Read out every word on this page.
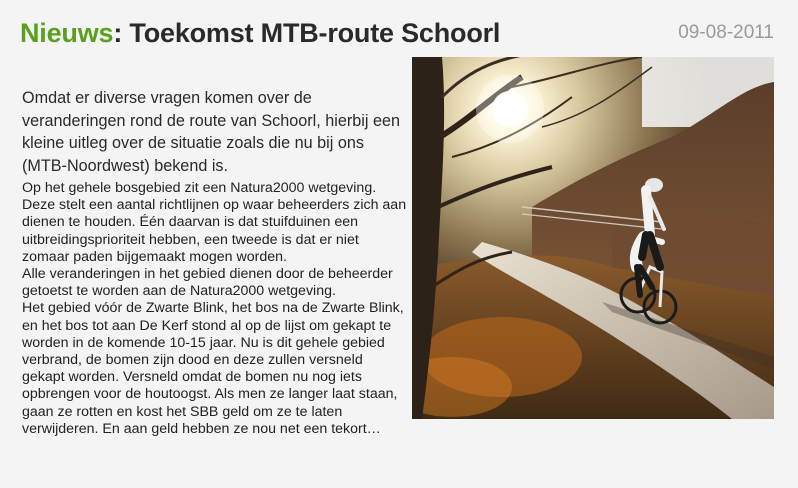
Nieuws: Toekomst MTB-route Schoorl	09-08-2011

Omdat er diverse vragen komen over de veranderingen rond de route van Schoorl, hierbij een kleine uitleg over de situatie zoals die nu bij ons (MTB-Noordwest) bekend is.

Op het gehele bosgebied zit een Natura2000 wetgeving. Deze stelt een aantal richtlijnen op waar beheerders zich aan dienen te houden. Één daarvan is dat stuifduinen een uitbreidingsprioriteit hebben, een tweede is dat er niet zomaar paden bijgemaakt mogen worden.

Alle veranderingen in het gebied dienen door de beheerder getoetst te worden aan de Natura2000 wetgeving.

Het gebied vóór de Zwarte Blink, het bos na de Zwarte Blink, en het bos tot aan De Kerf stond al op de lijst om gekapt te worden in de komende 10-15 jaar. Nu is dit gehele gebied verbrand, de bomen zijn dood en deze zullen versneld gekapt worden. Versneld omdat de bomen nu nog iets opbrengen voor de houtoogst. Als men ze langer laat staan, gaan ze rotten en kost het SBB geld om ze te laten verwijderen. En aan geld hebben ze nou net een tekort…
